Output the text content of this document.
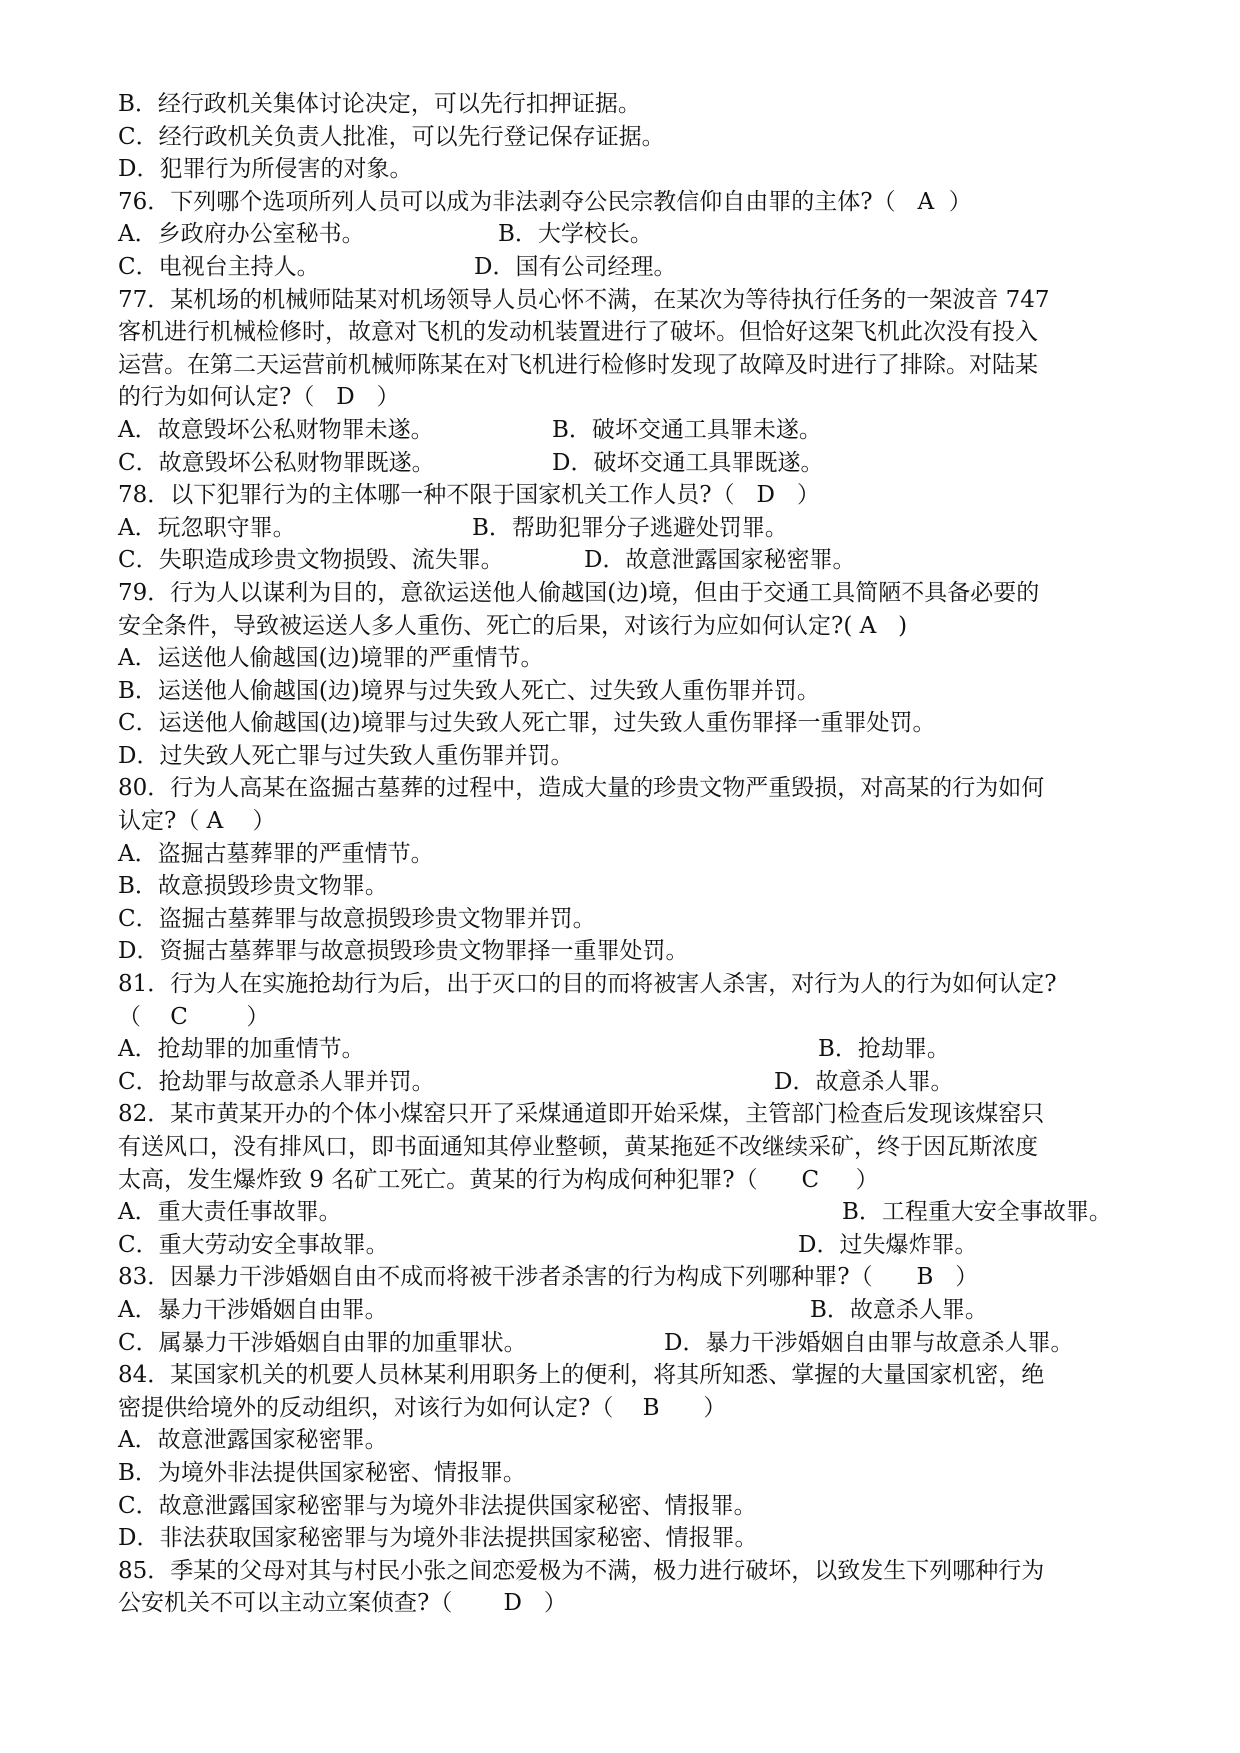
B．经行政机关集体讨论决定，可以先行扣押证据。
C．经行政机关负责人批准，可以先行登记保存证据。
D．犯罪行为所侵害的对象。
76．下列哪个选项所列人员可以成为非法剥夺公民宗教信仰自由罪的主体?（   A  ）
A．乡政府办公室秘书。	B．大学校长。
C．电视台主持人。	D．国有公司经理。
77．某机场的机械师陆某对机场领导人员心怀不满，在某次为等待执行任务的一架波音 747
客机进行机械检修时，故意对飞机的发动机装置进行了破坏。但恰好这架飞机此次没有投入
运营。在第二天运营前机械师陈某在对飞机进行检修时发现了故障及时进行了排除。对陆某
的行为如何认定?（   D   ）
A．故意毁坏公私财物罪未遂。	B．破坏交通工具罪未遂。
C．故意毁坏公私财物罪既遂。	D．破坏交通工具罪既遂。
78．以下犯罪行为的主体哪一种不限于国家机关工作人员?（   D   ）
A．玩忽职守罪。	B．帮助犯罪分子逃避处罚罪。
C．失职造成珍贵文物损毁、流失罪。	D．故意泄露国家秘密罪。
79．行为人以谋利为目的，意欲运送他人偷越国(边)境，但由于交通工具简陋不具备必要的
安全条件，导致被运送人多人重伤、死亡的后果，对该行为应如何认定?( A   )
A．运送他人偷越国(边)境罪的严重情节。
B．运送他人偷越国(边)境界与过失致人死亡、过失致人重伤罪并罚。
C．运送他人偷越国(边)境罪与过失致人死亡罪，过失致人重伤罪择一重罪处罚。
D．过失致人死亡罪与过失致人重伤罪并罚。
80．行为人高某在盗掘古墓葬的过程中，造成大量的珍贵文物严重毁损，对高某的行为如何
认定?（ A    ）
A．盗掘古墓葬罪的严重情节。
B．故意损毁珍贵文物罪。
C．盗掘古墓葬罪与故意损毁珍贵文物罪并罚。
D．资掘古墓葬罪与故意损毁珍贵文物罪择一重罪处罚。
81．行为人在实施抢劫行为后，出于灭口的目的而将被害人杀害，对行为人的行为如何认定?
（    C        ）
A．抢劫罪的加重情节。	B．抢劫罪。
C．抢劫罪与故意杀人罪并罚。	D．故意杀人罪。
82．某市黄某开办的个体小煤窑只开了采煤通道即开始采煤，主管部门检查后发现该煤窑只
有送风口，没有排风口，即书面通知其停业整顿，黄某拖延不改继续采矿，终于因瓦斯浓度
太高，发生爆炸致 9 名矿工死亡。黄某的行为构成何种犯罪?（      C     ）
A．重大责任事故罪。	B．工程重大安全事故罪。
C．重大劳动安全事故罪。	D．过失爆炸罪。
83．因暴力干涉婚姻自由不成而将被干涉者杀害的行为构成下列哪种罪?（      B   ）
A．暴力干涉婚姻自由罪。	B．故意杀人罪。
C．属暴力干涉婚姻自由罪的加重罪状。	D．暴力干涉婚姻自由罪与故意杀人罪。
84．某国家机关的机要人员林某利用职务上的便利，将其所知悉、掌握的大量国家机密，绝
密提供给境外的反动组织，对该行为如何认定?（    B      ）
A．故意泄露国家秘密罪。
B．为境外非法提供国家秘密、情报罪。
C．故意泄露国家秘密罪与为境外非法提供国家秘密、情报罪。
D．非法获取国家秘密罪与为境外非法提拱国家秘密、情报罪。
85．季某的父母对其与村民小张之间恋爱极为不满，极力进行破坏，以致发生下列哪种行为
公安机关不可以主动立案侦查?（       D   ）
